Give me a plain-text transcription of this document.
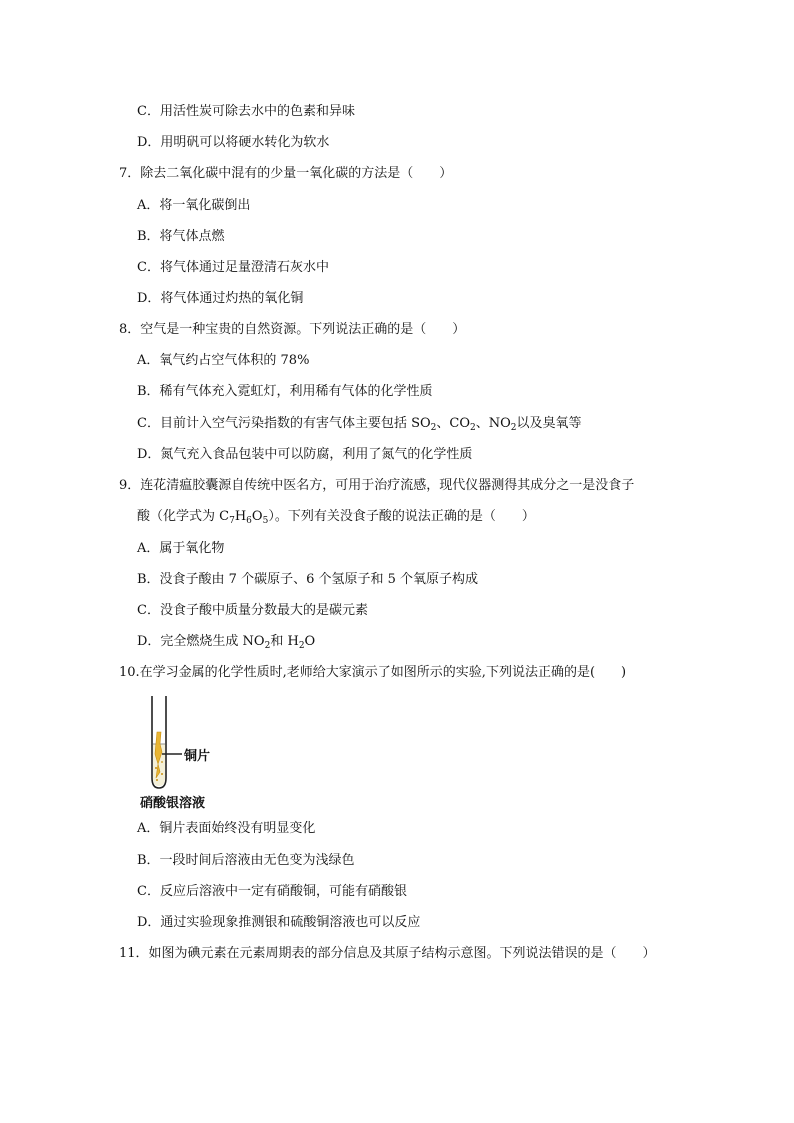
C．用活性炭可除去水中的色素和异味
D．用明矾可以将硬水转化为软水
7．除去二氧化碳中混有的少量一氧化碳的方法是（　　）
A．将一氧化碳倒出
B．将气体点燃
C．将气体通过足量澄清石灰水中
D．将气体通过灼热的氧化铜
8．空气是一种宝贵的自然资源。下列说法正确的是（　　）
A．氧气约占空气体积的 78%
B．稀有气体充入霓虹灯，利用稀有气体的化学性质
C．目前计入空气污染指数的有害气体主要包括 $SO_2$、$CO_2$、$NO_2$以及臭氧等
D．氮气充入食品包装中可以防腐，利用了氮气的化学性质
9．连花清瘟胶囊源自传统中医名方，可用于治疗流感，现代仪器测得其成分之一是没食子
酸（化学式为 $C_7H_6O_5$）。下列有关没食子酸的说法正确的是（　　）
A．属于氧化物
B．没食子酸由 7 个碳原子、6 个氢原子和 5 个氧原子构成
C．没食子酸中质量分数最大的是碳元素
D．完全燃烧生成 $NO_2$和 $H_2O$
10.在学习金属的化学性质时,老师给大家演示了如图所示的实验,下列说法正确的是(　　)
铜片
硝酸银溶液
A．铜片表面始终没有明显变化
B．一段时间后溶液由无色变为浅绿色
C．反应后溶液中一定有硝酸铜，可能有硝酸银
D．通过实验现象推测银和硫酸铜溶液也可以反应
11．如图为碘元素在元素周期表的部分信息及其原子结构示意图。下列说法错误的是（　　）
